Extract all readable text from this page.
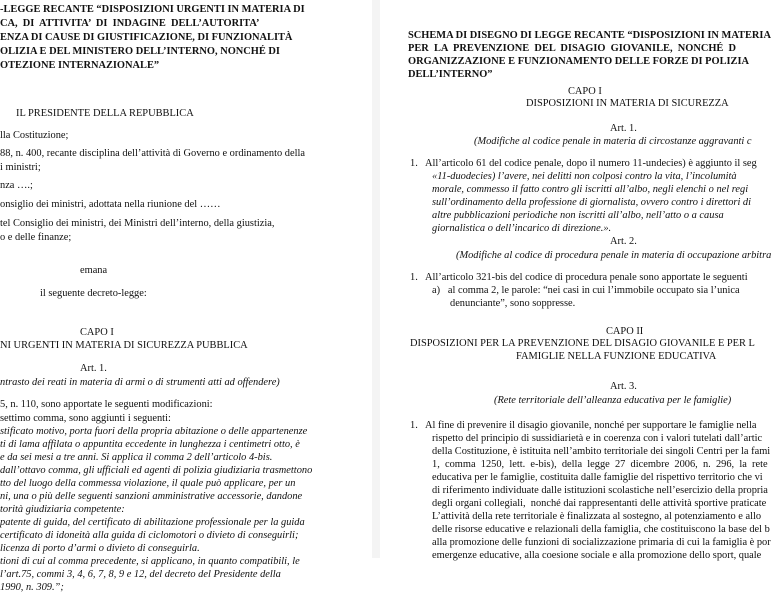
-LEGGE RECANTE “DISPOSIZIONI URGENTI IN MATERIA DI
CA,  DI  ATTIVITA’  DI  INDAGINE  DELL’AUTORITA’
ENZA DI CAUSE DI GIUSTIFICAZIONE, DI FUNZIONALITÀ
OLIZIA E DEL MINISTERO DELL’INTERNO, NONCHÉ DI
OTEZIONE INTERNAZIONALE”
IL PRESIDENTE DELLA REPUBBLICA
lla Costituzione;
88, n. 400, recante disciplina dell’attività di Governo e ordinamento della
i ministri;
nza ….;
onsiglio dei ministri, adottata nella riunione del ……
tel Consiglio dei ministri, dei Ministri dell’interno, della giustizia,
o e delle finanze;
emana
il seguente decreto-legge:
CAPO I
NI URGENTI IN MATERIA DI SICUREZZA PUBBLICA
Art. 1.
ntrasto dei reati in materia di armi o di strumenti atti ad offendere)
5, n. 110, sono apportate le seguenti modificazioni:
settimo comma, sono aggiunti i seguenti:
stificato motivo, porta fuori della propria abitazione o delle appartenenze
ti di lama affilata o appuntita eccedente in lunghezza i centimetri otto, è
e da sei mesi a tre anni. Si applica il comma 2 dell’articolo 4-bis.
dall’ottavo comma, gli ufficiali ed agenti di polizia giudiziaria trasmettono
tto del luogo della commessa violazione, il quale può applicare, per un
ni, una o più delle seguenti sanzioni amministrative accessorie, dandone
torità giudiziaria competente:
patente di guida, del certificato di abilitazione professionale per la guida
certificato di idoneità alla guida di ciclomotori o divieto di conseguirli;
licenza di porto d’armi o divieto di conseguirla.
tioni di cui al comma precedente, si applicano, in quanto compatibili, le
l’art.75, commi 3, 4, 6, 7, 8, 9 e 12, del decreto del Presidente della
1990, n. 309.”;
SCHEMA DI DISEGNO DI LEGGE RECANTE “DISPOSIZIONI IN MATERIA
PER  LA  PREVENZIONE  DEL  DISAGIO  GIOVANILE,  NONCHÉ  D
ORGANIZZAZIONE E FUNZIONAMENTO DELLE FORZE DI POLIZIA
DELL’INTERNO”
CAPO I
DISPOSIZIONI IN MATERIA DI SICUREZZA
Art. 1.
(Modifiche al codice penale in materia di circostanze aggravanti c
1.   All’articolo 61 del codice penale, dopo il numero 11-undecies) è aggiunto il seg
«11-duodecies) l’avere, nei delitti non colposi contro la vita, l’incolumità
morale, commesso il fatto contro gli iscritti all’albo, negli elenchi o nel regi
sull’ordinamento della professione di giornalista, ovvero contro i direttori di
altre pubblicazioni periodiche non iscritti all’albo, nell’atto o a causa
giornalistica o dell’incarico di direzione.».
Art. 2.
(Modifiche al codice di procedura penale in materia di occupazione arbitra
1.   All’articolo 321-bis del codice di procedura penale sono apportate le seguenti
a)   al comma 2, le parole: “nei casi in cui l’immobile occupato sia l’unica
denunciante”, sono soppresse.
CAPO II
DISPOSIZIONI PER LA PREVENZIONE DEL DISAGIO GIOVANILE E PER L
FAMIGLIE NELLA FUNZIONE EDUCATIVA
Art. 3.
(Rete territoriale dell’alleanza educativa per le famiglie)
1.   Al fine di prevenire il disagio giovanile, nonché per supportare le famiglie nella
rispetto del principio di sussidiarietà e in coerenza con i valori tutelati dall’artic
della Costituzione, è istituita nell’ambito territoriale dei singoli Centri per la fami
1,  comma  1250,  lett.  e-bis),  della  legge  27  dicembre  2006,  n.  296,  la  rete
educativa per le famiglie, costituita dalle famiglie del rispettivo territorio che vi
di riferimento individuate dalle istituzioni scolastiche nell’esercizio della propria
degli organi collegiali,  nonché dai rappresentanti delle attività sportive praticate
L’attività della rete territoriale è finalizzata al sostegno, al potenziamento e allo
delle risorse educative e relazionali della famiglia, che costituiscono la base del b
alla promozione delle funzioni di socializzazione primaria di cui la famiglia è por
emergenze educative, alla coesione sociale e alla promozione dello sport, quale
